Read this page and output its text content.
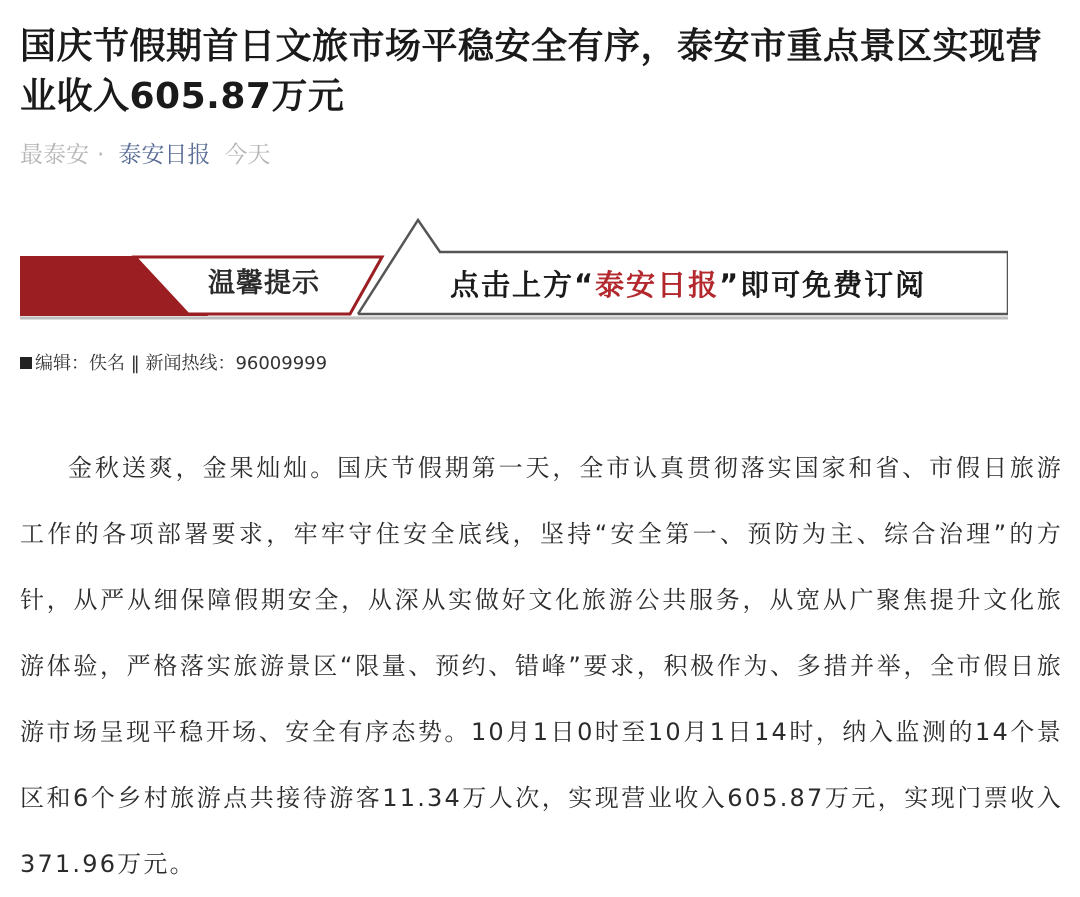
国庆节假期首日文旅市场平稳安全有序，泰安市重点景区实现营业收入605.87万元
最泰安 · 泰安日报 今天
温馨提示	点击上方“泰安日报”即可免费订阅
编辑：佚名 ‖ 新闻热线：96009999

金秋送爽，金果灿灿。国庆节假期第一天，全市认真贯彻落实国家和省、市假日旅游工作的各项部署要求，牢牢守住安全底线，坚持“安全第一、预防为主、综合治理”的方针，从严从细保障假期安全，从深从实做好文化旅游公共服务，从宽从广聚焦提升文化旅游体验，严格落实旅游景区“限量、预约、错峰”要求，积极作为、多措并举，全市假日旅游市场呈现平稳开场、安全有序态势。10月1日0时至10月1日14时，纳入监测的14个景区和6个乡村旅游点共接待游客11.34万人次，实现营业收入605.87万元，实现门票收入371.96万元。
